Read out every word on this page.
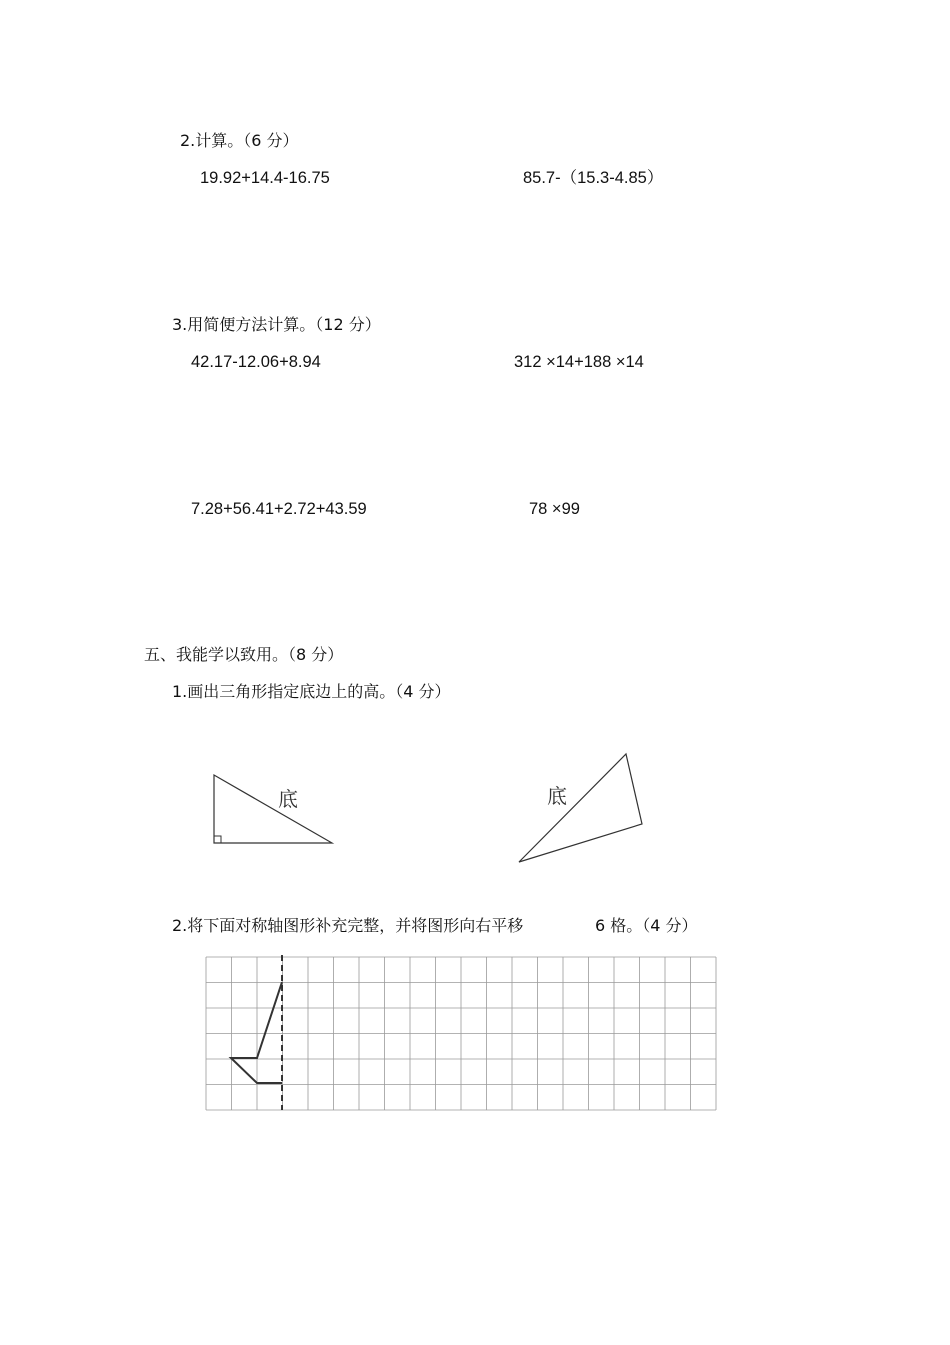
2.计算。（6 分）
19.92+14.4-16.75	85.7-（15.3-4.85）
3.用简便方法计算。（12 分）
42.17-12.06+8.94	312 ×14+188 ×14
7.28+56.41+2.72+43.59	78 ×99
五、我能学以致用。（8 分）
1.画出三角形指定底边上的高。（4 分）
底	底
2.将下面对称轴图形补充完整，并将图形向右平移	6 格。（4 分）
